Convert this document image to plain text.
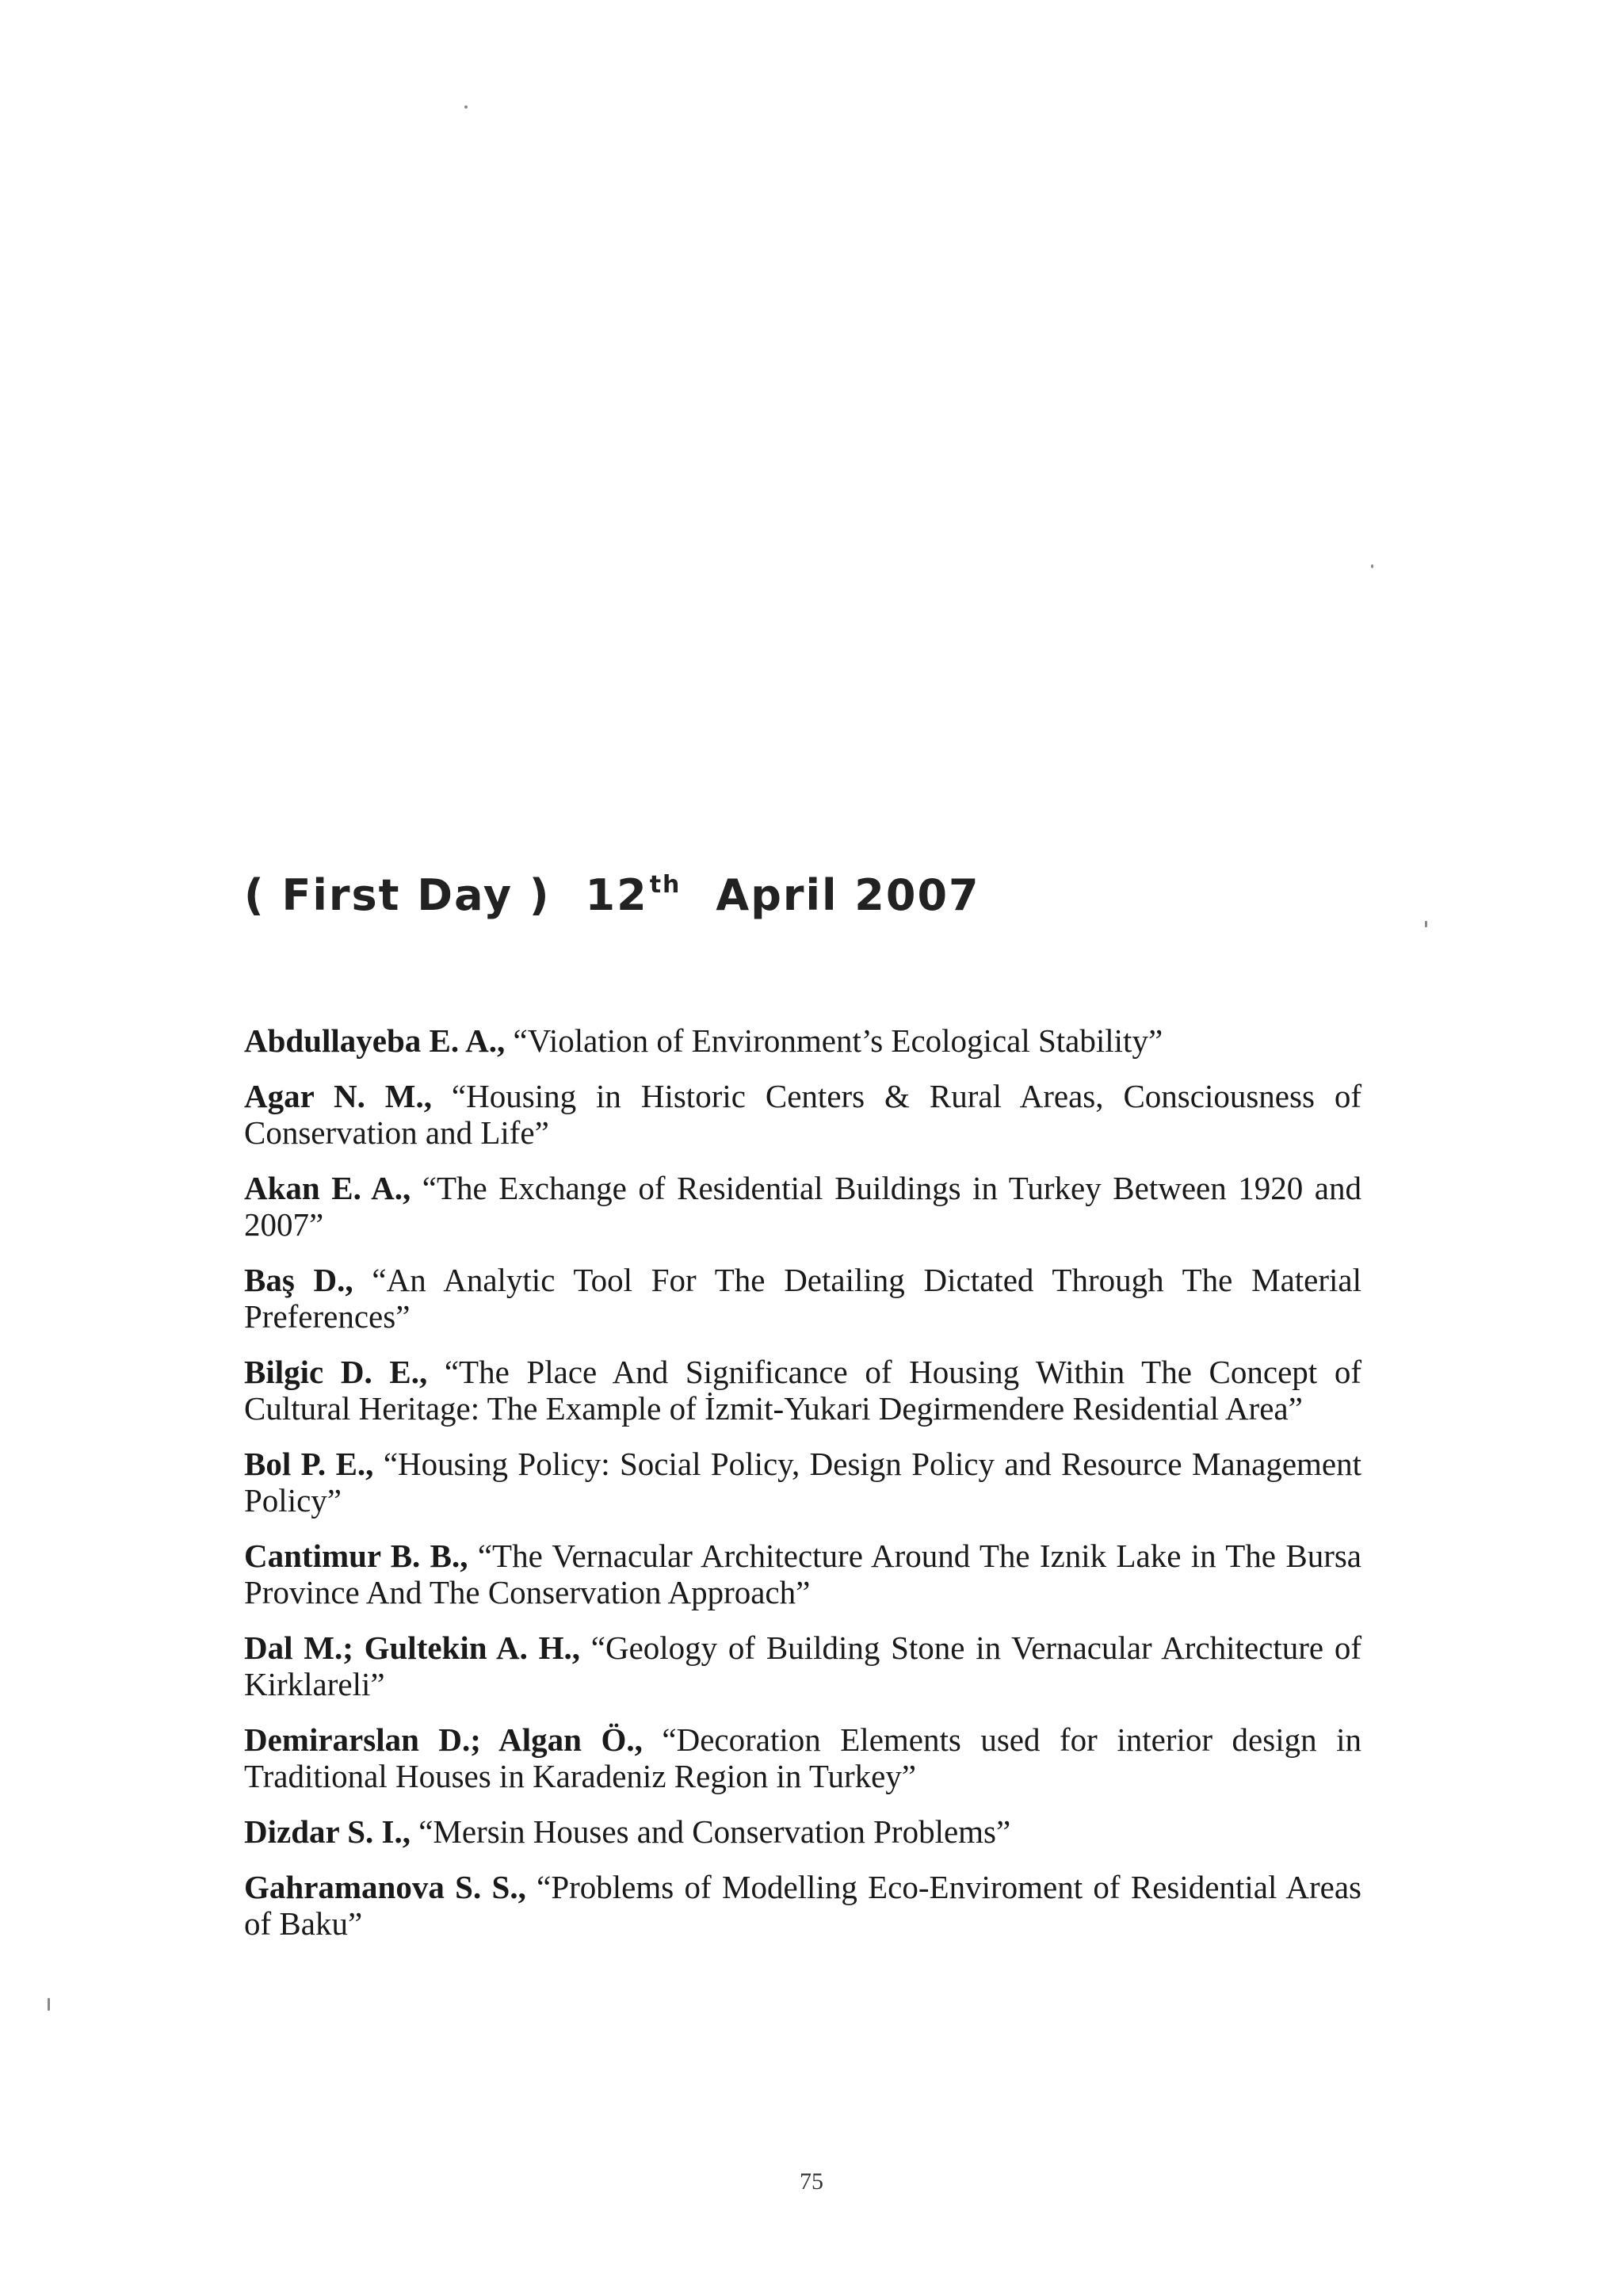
( First Day ) 12th April 2007

Abdullayeba E. A., “Violation of Environment’s Ecological Stability”

Agar N. M., “Housing in Historic Centers & Rural Areas, Consciousness of Conservation and Life”

Akan E. A., “The Exchange of Residential Buildings in Turkey Between 1920 and 2007”

Baş D., “An Analytic Tool For The Detailing Dictated Through The Material Preferences”

Bilgic D. E., “The Place And Significance of Housing Within The Concept of Cultural Heritage: The Example of İzmit-Yukari Degirmendere Residential Area”

Bol P. E., “Housing Policy: Social Policy, Design Policy and Resource Management Policy”

Cantimur B. B., “The Vernacular Architecture Around The Iznik Lake in The Bursa Province And The Conservation Approach”

Dal M.; Gultekin A. H., “Geology of Building Stone in Vernacular Architecture of Kirklareli”

Demirarslan D.; Algan Ö., “Decoration Elements used for interior design in Traditional Houses in Karadeniz Region in Turkey”

Dizdar S. I., “Mersin Houses and Conservation Problems”

Gahramanova S. S., “Problems of Modelling Eco-Enviroment of Residential Areas of Baku”

75
